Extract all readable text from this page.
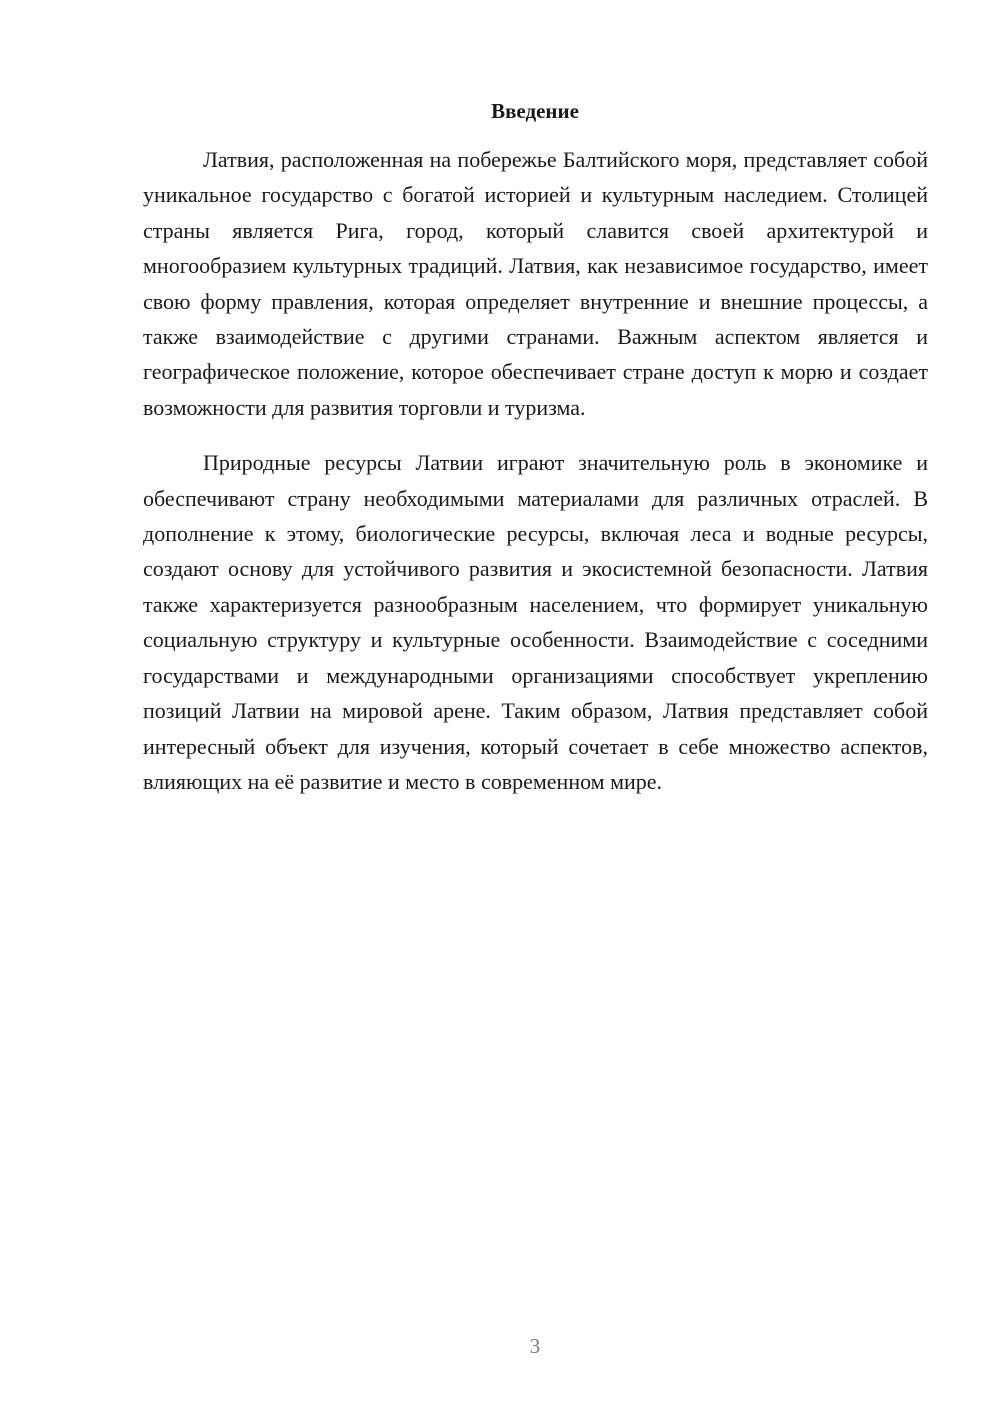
Введение

Латвия, расположенная на побережье Балтийского моря, представляет собой уникальное государство с богатой историей и культурным наследием. Столицей страны является Рига, город, который славится своей архитектурой и многообразием культурных традиций. Латвия, как независимое государство, имеет свою форму правления, которая определяет внутренние и внешние процессы, а также взаимодействие с другими странами. Важным аспектом является и географическое положение, которое обеспечивает стране доступ к морю и создает возможности для развития торговли и туризма.

Природные ресурсы Латвии играют значительную роль в экономике и обеспечивают страну необходимыми материалами для различных отраслей. В дополнение к этому, биологические ресурсы, включая леса и водные ресурсы, создают основу для устойчивого развития и экосистемной безопасности. Латвия также характеризуется разнообразным населением, что формирует уникальную социальную структуру и культурные особенности. Взаимодействие с соседними государствами и международными организациями способствует укреплению позиций Латвии на мировой арене. Таким образом, Латвия представляет собой интересный объект для изучения, который сочетает в себе множество аспектов, влияющих на её развитие и место в современном мире.

3
